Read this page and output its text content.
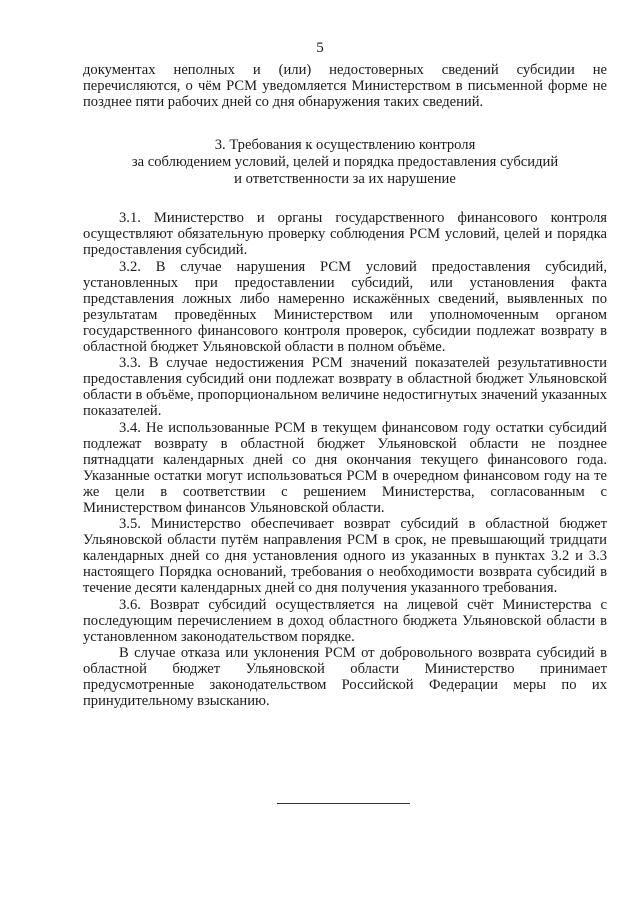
5

документах неполных и (или) недостоверных сведений субсидии не перечисляются, о чём РСМ уведомляется Министерством в письменной форме не позднее пяти рабочих дней со дня обнаружения таких сведений.

3. Требования к осуществлению контроля
за соблюдением условий, целей и порядка предоставления субсидий
и ответственности за их нарушение

3.1. Министерство и органы государственного финансового контроля осуществляют обязательную проверку соблюдения РСМ условий, целей и порядка предоставления субсидий.

3.2. В случае нарушения РСМ условий предоставления субсидий, установленных при предоставлении субсидий, или установления факта представления ложных либо намеренно искажённых сведений, выявленных по результатам проведённых Министерством или уполномоченным органом государственного финансового контроля проверок, субсидии подлежат возврату в областной бюджет Ульяновской области в полном объёме.

3.3. В случае недостижения РСМ значений показателей результативности предоставления субсидий они подлежат возврату в областной бюджет Ульяновской области в объёме, пропорциональном величине недостигнутых значений указанных показателей.

3.4. Не использованные РСМ в текущем финансовом году остатки субсидий подлежат возврату в областной бюджет Ульяновской области не позднее пятнадцати календарных дней со дня окончания текущего финансового года. Указанные остатки могут использоваться РСМ в очередном финансовом году на те же цели в соответствии с решением Министерства, согласованным с Министерством финансов Ульяновской области.

3.5. Министерство обеспечивает возврат субсидий в областной бюджет Ульяновской области путём направления РСМ в срок, не превышающий тридцати календарных дней со дня установления одного из указанных в пунктах 3.2 и 3.3 настоящего Порядка оснований, требования о необходимости возврата субсидий в течение десяти календарных дней со дня получения указанного требования.

3.6. Возврат субсидий осуществляется на лицевой счёт Министерства с последующим перечислением в доход областного бюджета Ульяновской области в установленном законодательством порядке.

В случае отказа или уклонения РСМ от добровольного возврата субсидий в областной бюджет Ульяновской области Министерство принимает предусмотренные законодательством Российской Федерации меры по их принудительному взысканию.
